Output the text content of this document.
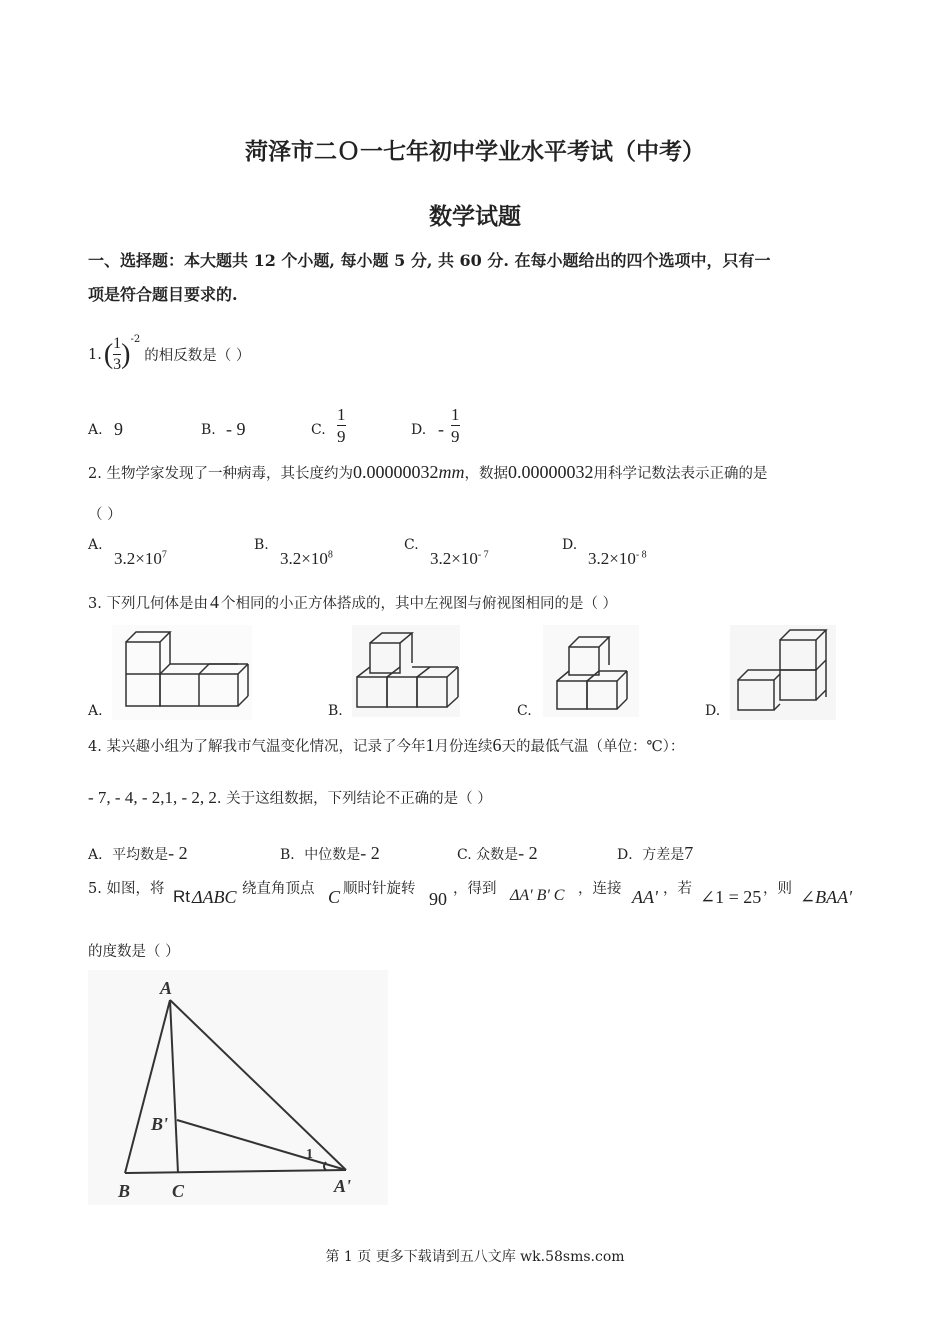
菏泽市二Ｏ一七年初中学业水平考试（中考）
数学试题
一、选择题：本大题共 12 个小题, 每小题 5 分, 共 60 分. 在每小题给出的四个选项中，只有一
项是符合题目要求的.
1. ( $\frac{1}{3}$ ) -2
的相反数是（ ）
A. 9	B. - 9	C.
1
9	D. -
1
9
2. 生物学家发现了一种病毒，其长度约为0.00000032mm，数据0.00000032用科学记数法表示正确的是
（ ）
A.
$3.2\times 10^7$
B.
$3.2\times 10^8$
C.
$3.2\times 10^{- 7}$
D.
$3.2\times 10^{- 8}$
3. 下列几何体是由 4 个相同的小正方体搭成的，其中左视图与俯视图相同的是（ ）
A.	B.	C.	D.
4. 某兴趣小组为了解我市气温变化情况，记录了今年1月份连续6天的最低气温（单位：℃）：
- 7, - 4, - 2,1, - 2, 2. 关于这组数据，下列结论不正确的是（ ）
A．平均数是- 2	B．中位数是- 2	C. 众数是- 2	D．方差是7
5. 如图，将 Rt ΔABC 绕直角顶点 C 顺时针旋转 90 ，得到 ΔA' B' C ，连接 AA' ，若 ∠1 = 25 ，则 ∠BAA'
的度数是（ ）
A
B C
B'
A'
1
第 1 页 更多下载请到五八文库 wk.58sms.com
